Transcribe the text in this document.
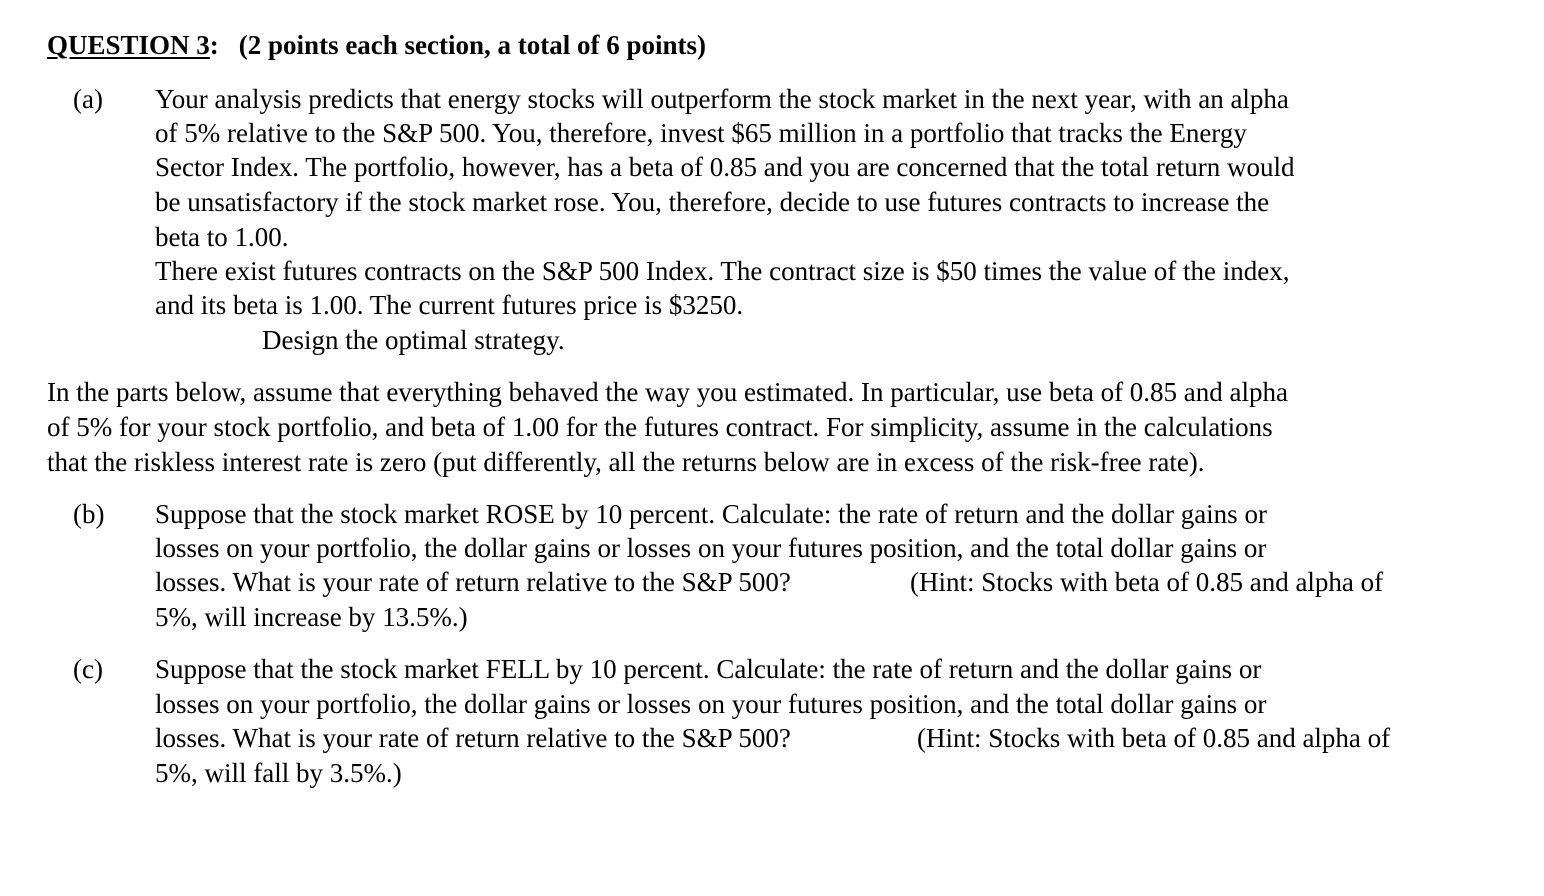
QUESTION 3: (2 points each section, a total of 6 points)
(a) Your analysis predicts that energy stocks will outperform the stock market in the next year, with an alpha
of 5% relative to the S&P 500. You, therefore, invest $65 million in a portfolio that tracks the Energy
Sector Index. The portfolio, however, has a beta of 0.85 and you are concerned that the total return would
be unsatisfactory if the stock market rose. You, therefore, decide to use futures contracts to increase the
beta to 1.00.
There exist futures contracts on the S&P 500 Index. The contract size is $50 times the value of the index,
and its beta is 1.00. The current futures price is $3250.
Design the optimal strategy.
In the parts below, assume that everything behaved the way you estimated. In particular, use beta of 0.85 and alpha
of 5% for your stock portfolio, and beta of 1.00 for the futures contract. For simplicity, assume in the calculations
that the riskless interest rate is zero (put differently, all the returns below are in excess of the risk-free rate).
(b) Suppose that the stock market ROSE by 10 percent. Calculate: the rate of return and the dollar gains or
losses on your portfolio, the dollar gains or losses on your futures position, and the total dollar gains or
losses. What is your rate of return relative to the S&P 500?	(Hint: Stocks with beta of 0.85 and alpha of
5%, will increase by 13.5%.)
(c) Suppose that the stock market FELL by 10 percent. Calculate: the rate of return and the dollar gains or
losses on your portfolio, the dollar gains or losses on your futures position, and the total dollar gains or
losses. What is your rate of return relative to the S&P 500?	(Hint: Stocks with beta of 0.85 and alpha of
5%, will fall by 3.5%.)
